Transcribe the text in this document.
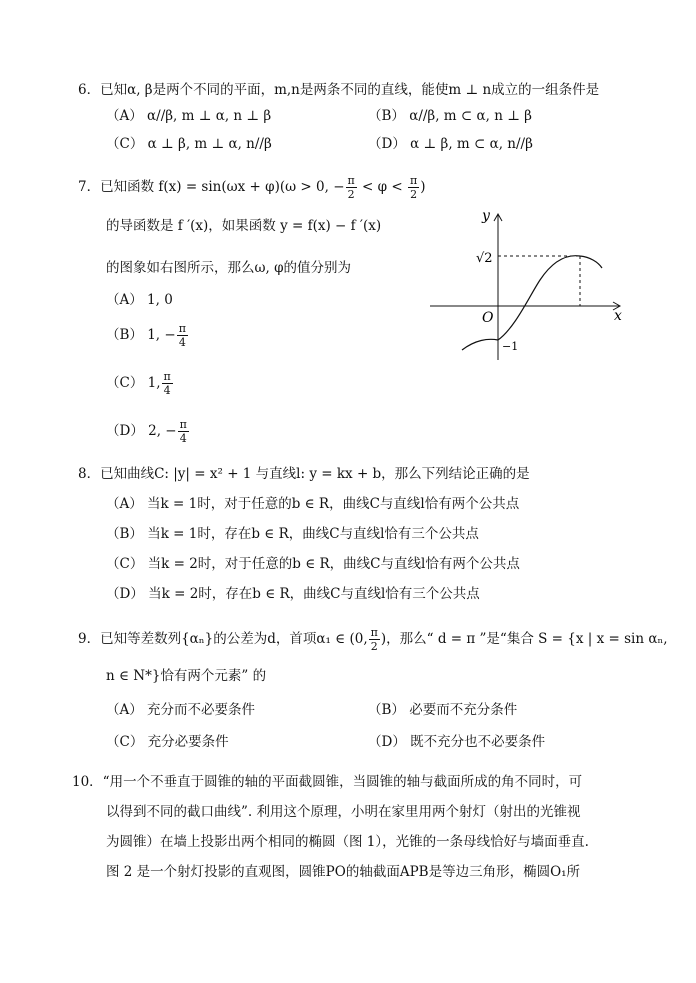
6．已知α, β是两个不同的平面，m,n是两条不同的直线，能使m ⊥ n成立的一组条件是
（A） α//β, m ⊥ α, n ⊥ β	（B） α//β, m ⊂ α, n ⊥ β
（C） α ⊥ β, m ⊥ α, n//β	（D） α ⊥ β, m ⊂ α, n//β
7．已知函数 f(x) = sin(ωx + φ)(ω > 0, − $\frac{\pi}{2} < \varphi < \frac{\pi}{2}$ )
的导函数是 f ′(x)，如果函数 y = f(x) − f ′(x)
的图象如右图所示，那么ω, φ的值分别为
（A） 1, 0
（B） 1, − $\frac{\pi}{4}$
（C） 1, $\frac{\pi}{4}$
（D） 2, − $\frac{\pi}{4}$
y
x
O
√2
−1
8．已知曲线C: |y| = x² + 1 与直线l: y = kx + b，那么下列结论正确的是
（A） 当k = 1时，对于任意的b ∈ R，曲线C与直线l恰有两个公共点
（B） 当k = 1时，存在b ∈ R，曲线C与直线l恰有三个公共点
（C） 当k = 2时，对于任意的b ∈ R，曲线C与直线l恰有两个公共点
（D） 当k = 2时，存在b ∈ R，曲线C与直线l恰有三个公共点
9．已知等差数列{αₙ}的公差为d，首项α₁ ∈ (0, $\frac{\pi}{2}$ )，那么“ d = π ”是“集合 S = {x | x = sin αₙ,
n ∈ N*}恰有两个元素” 的
（A） 充分而不必要条件	（B） 必要而不充分条件
（C） 充分必要条件	（D） 既不充分也不必要条件
10．“用一个不垂直于圆锥的轴的平面截圆锥，当圆锥的轴与截面所成的角不同时，可
以得到不同的截口曲线”. 利用这个原理，小明在家里用两个射灯（射出的光锥视
为圆锥）在墙上投影出两个相同的椭圆（图 1），光锥的一条母线恰好与墙面垂直.
图 2 是一个射灯投影的直观图，圆锥PO的轴截面APB是等边三角形，椭圆O₁所
